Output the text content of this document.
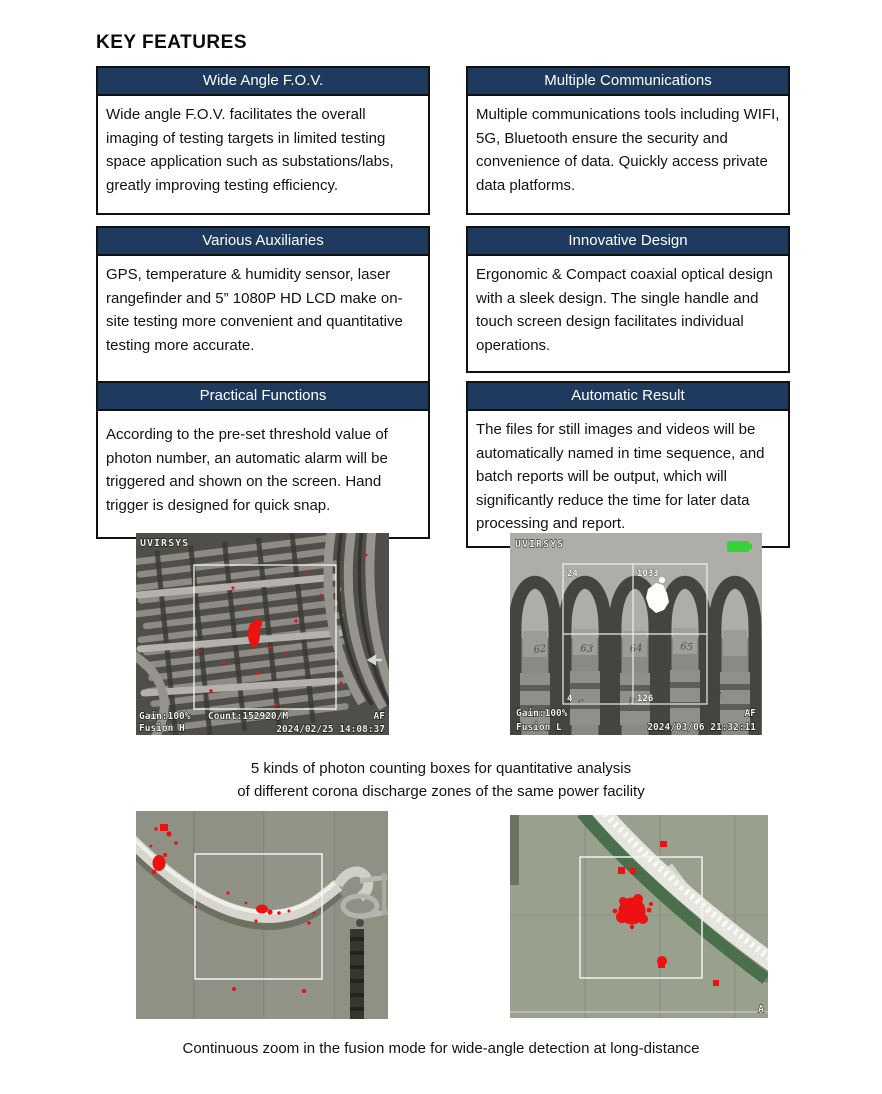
KEY FEATURES
Wide Angle F.O.V.
Wide angle F.O.V. facilitates the overall imaging of testing targets in limited testing space application such as substations/labs, greatly improving testing efficiency.
Multiple Communications
Multiple communications tools including WIFI, 5G, Bluetooth ensure the security and convenience of data. Quickly access private data platforms.
Various Auxiliaries
GPS, temperature & humidity sensor, laser rangefinder and 5” 1080P HD LCD make on-site testing more convenient and quantitative testing more accurate.
Innovative Design
Ergonomic & Compact coaxial optical design with a sleek design. The single handle and touch screen design facilitates individual operations.
Practical Functions
According to the pre-set threshold value of photon number, an automatic alarm will be triggered and shown on the screen. Hand trigger is designed for quick snap.
Automatic Result
The files for still images and videos will be automatically named in time sequence, and batch reports will be output, which will significantly reduce the time for later data processing and report.
UVIRSYS
Gain:100% Count:152920/M	AF
Fusion H	2024/02/25 14:08:37
62	63	64	65
c	B
8
UVIRSYS
24	1033
4	126
Gain:100%	AF
Fusion L	2024/03/06 21:32:11
5 kinds of photon counting boxes for quantitative analysis
of different corona discharge zones of the same power facility
A
Continuous zoom in the fusion mode for wide-angle detection at long-distance
